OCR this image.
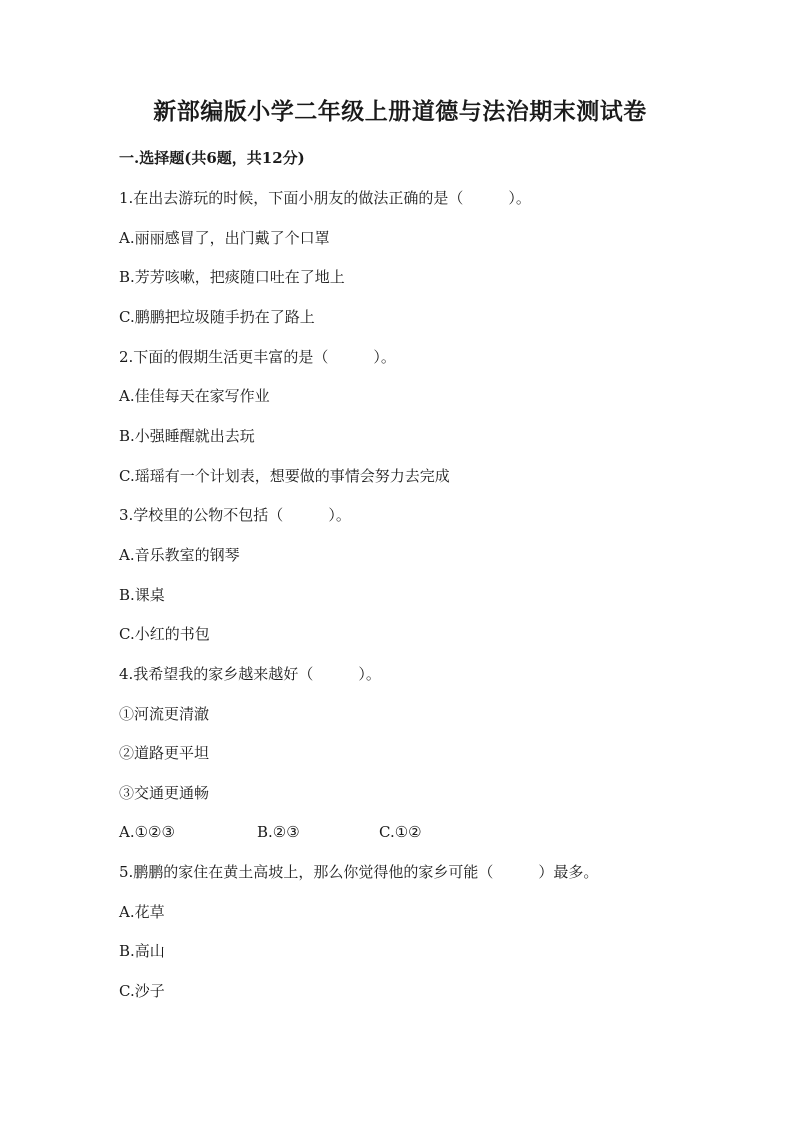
新部编版小学二年级上册道德与法治期末测试卷
一.选择题(共6题，共12分)
1.在出去游玩的时候，下面小朋友的做法正确的是（　　　）。
A.丽丽感冒了，出门戴了个口罩
B.芳芳咳嗽，把痰随口吐在了地上
C.鹏鹏把垃圾随手扔在了路上
2.下面的假期生活更丰富的是（　　　）。
A.佳佳每天在家写作业
B.小强睡醒就出去玩
C.瑶瑶有一个计划表，想要做的事情会努力去完成
3.学校里的公物不包括（　　　）。
A.音乐教室的钢琴
B.课桌
C.小红的书包
4.我希望我的家乡越来越好（　　　）。
①河流更清澈
②道路更平坦
③交通更通畅
A.①②③	B.②③	C.①②
5.鹏鹏的家住在黄土高坡上，那么你觉得他的家乡可能（　　　）最多。
A.花草
B.高山
C.沙子
